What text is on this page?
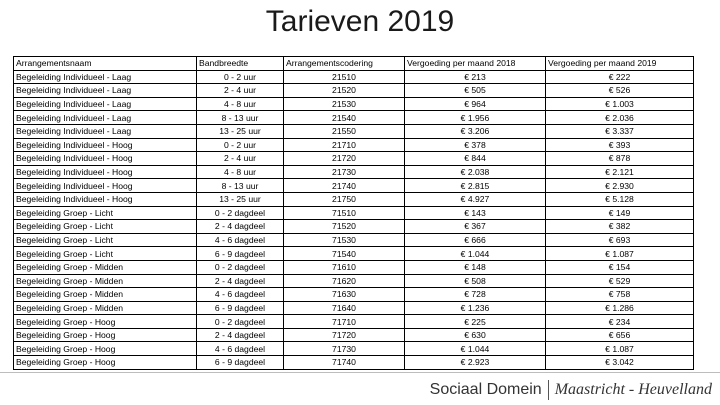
Tarieven 2019
Arrangementsnaam	Bandbreedte	Arrangementscodering	Vergoeding per maand 2018	Vergoeding per maand 2019
Begeleiding Individueel - Laag	0 - 2 uur	21510	€ 213	€ 222
Begeleiding Individueel - Laag	2 - 4 uur	21520	€ 505	€ 526
Begeleiding Individueel - Laag	4 - 8 uur	21530	€ 964	€ 1.003
Begeleiding Individueel - Laag	8 - 13 uur	21540	€ 1.956	€ 2.036
Begeleiding Individueel - Laag	13 - 25 uur	21550	€ 3.206	€ 3.337
Begeleiding Individueel - Hoog	0 - 2 uur	21710	€ 378	€ 393
Begeleiding Individueel - Hoog	2 - 4 uur	21720	€ 844	€ 878
Begeleiding Individueel - Hoog	4 - 8 uur	21730	€ 2.038	€ 2.121
Begeleiding Individueel - Hoog	8 - 13 uur	21740	€ 2.815	€ 2.930
Begeleiding Individueel - Hoog	13 - 25 uur	21750	€ 4.927	€ 5.128
Begeleiding Groep - Licht	0 - 2 dagdeel	71510	€ 143	€ 149
Begeleiding Groep - Licht	2 - 4 dagdeel	71520	€ 367	€ 382
Begeleiding Groep - Licht	4 - 6 dagdeel	71530	€ 666	€ 693
Begeleiding Groep - Licht	6 - 9 dagdeel	71540	€ 1.044	€ 1.087
Begeleiding Groep - Midden	0 - 2 dagdeel	71610	€ 148	€ 154
Begeleiding Groep - Midden	2 - 4 dagdeel	71620	€ 508	€ 529
Begeleiding Groep - Midden	4 - 6 dagdeel	71630	€ 728	€ 758
Begeleiding Groep - Midden	6 - 9 dagdeel	71640	€ 1.236	€ 1.286
Begeleiding Groep - Hoog	0 - 2 dagdeel	71710	€ 225	€ 234
Begeleiding Groep - Hoog	2 - 4 dagdeel	71720	€ 630	€ 656
Begeleiding Groep - Hoog	4 - 6 dagdeel	71730	€ 1.044	€ 1.087
Begeleiding Groep - Hoog	6 - 9 dagdeel	71740	€ 2.923	€ 3.042
Sociaal Domein Maastricht - Heuvelland
